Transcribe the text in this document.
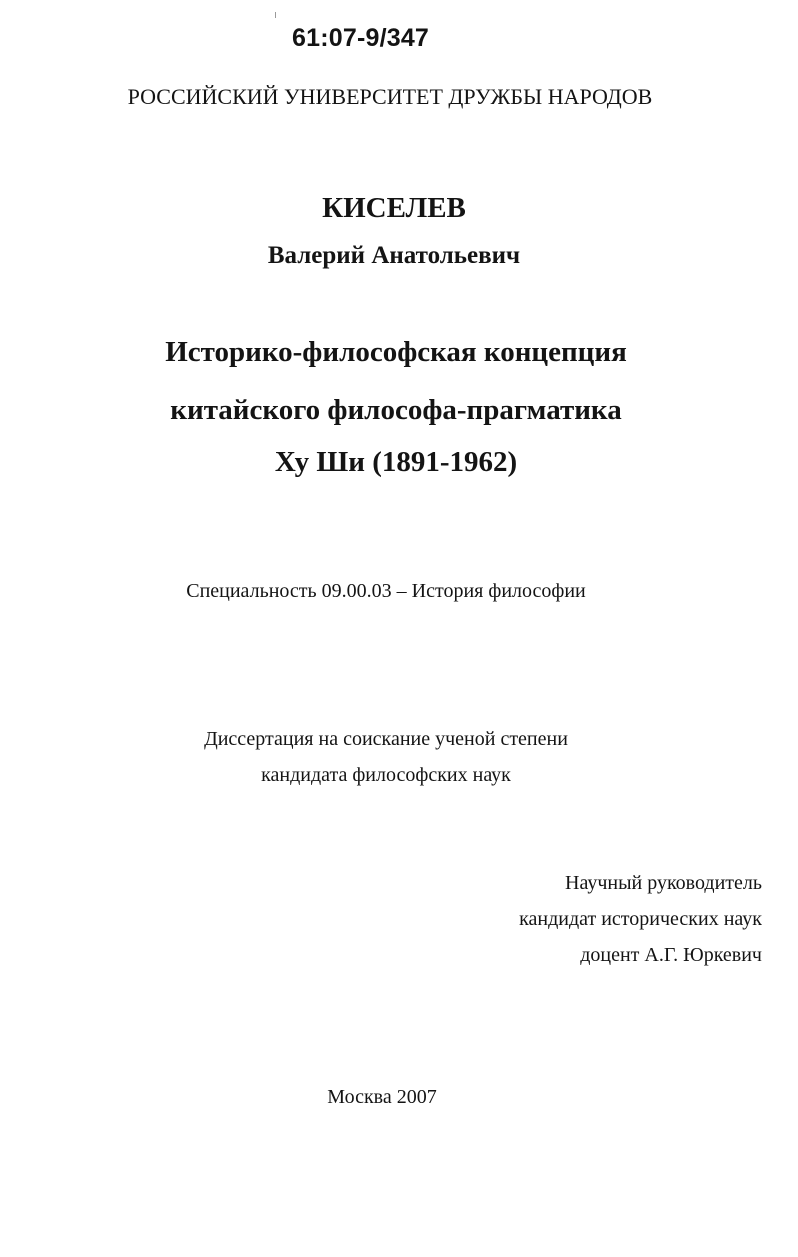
61:07-9/347
РОССИЙСКИЙ УНИВЕРСИТЕТ ДРУЖБЫ НАРОДОВ
КИСЕЛЕВ
Валерий Анатольевич
Историко-философская концепция
китайского философа-прагматика
Ху Ши (1891-1962)
Специальность 09.00.03 – История философии
Диссертация на соискание ученой степени
кандидата философских наук
Научный руководитель
кандидат исторических наук
доцент А.Г. Юркевич
Москва 2007
